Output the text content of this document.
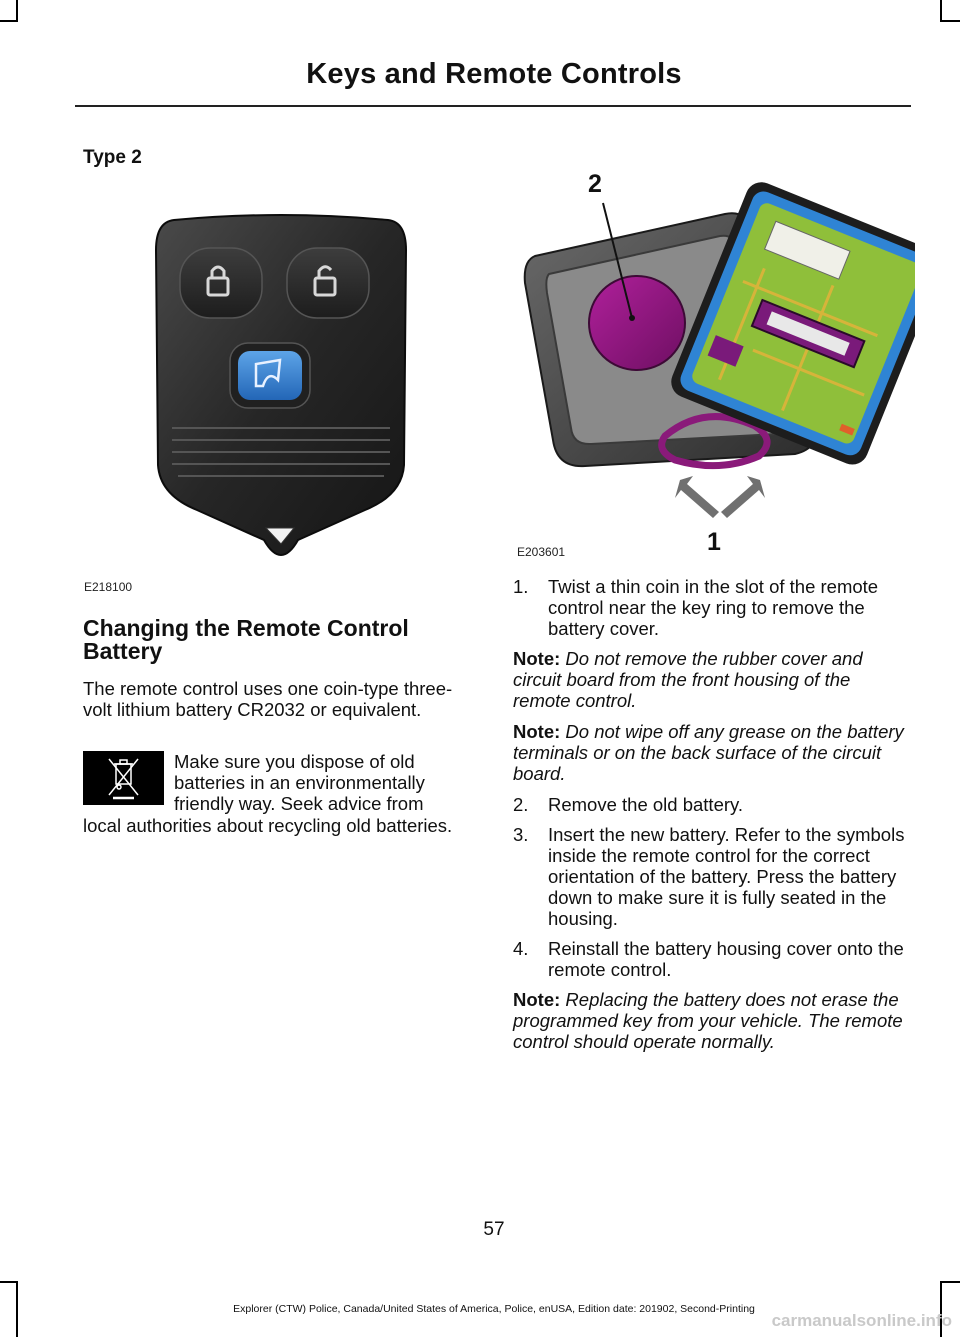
Keys and Remote Controls
Type 2
E218100
Changing the Remote Control Battery
The remote control uses one coin-type three-volt lithium battery CR2032 or equivalent.
Make sure you dispose of old batteries in an environmentally friendly way. Seek advice from
local authorities about recycling old batteries.
2
1
E203601
1. Twist a thin coin in the slot of the remote control near the key ring to remove the battery cover.

Note: Do not remove the rubber cover and circuit board from the front housing of the remote control.

Note: Do not wipe off any grease on the battery terminals or on the back surface of the circuit board.

2. Remove the old battery.
3. Insert the new battery. Refer to the symbols inside the remote control for the correct orientation of the battery. Press the battery down to make sure it is fully seated in the housing.
4. Reinstall the battery housing cover onto the remote control.

Note: Replacing the battery does not erase the programmed key from your vehicle. The remote control should operate normally.

57
Explorer (CTW) Police, Canada/United States of America, Police, enUSA, Edition date: 201902, Second-Printing
carmanualsonline.info
